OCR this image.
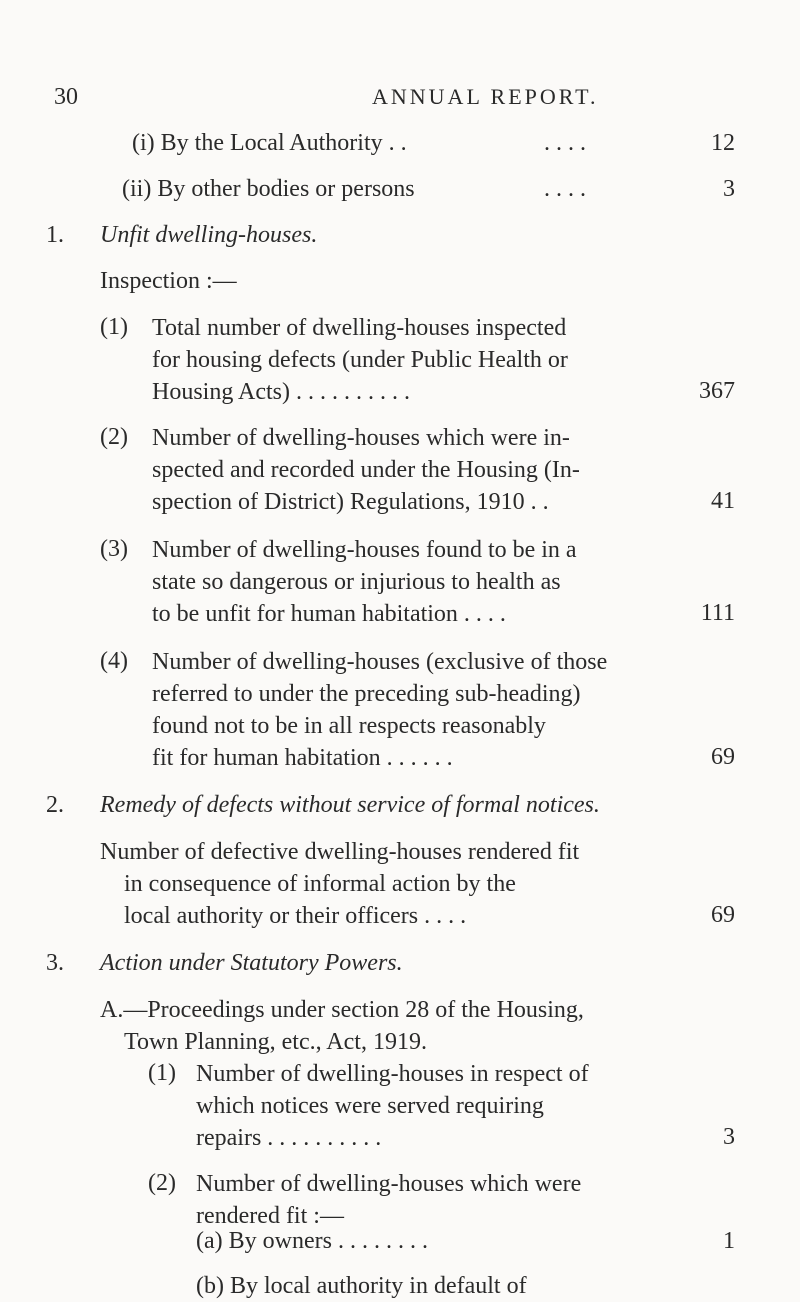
30	ANNUAL REPORT.
(i) By the Local Authority . .	. . . .	12
(ii) By other bodies or persons	. . . .	3
1. Unfit dwelling-houses.
Inspection :—
(1) Total number of dwelling-houses inspected
for housing defects (under Public Health or
Housing Acts) . . . . . . . . . .	367
(2) Number of dwelling-houses which were in-
spected and recorded under the Housing (In-
spection of District) Regulations, 1910 . .	41
(3) Number of dwelling-houses found to be in a
state so dangerous or injurious to health as
to be unfit for human habitation . . . .	111
(4) Number of dwelling-houses (exclusive of those
referred to under the preceding sub-heading)
found not to be in all respects reasonably
fit for human habitation . . . . . .	69
2. Remedy of defects without service of formal notices.
Number of defective dwelling-houses rendered fit
in consequence of informal action by the
local authority or their officers . . . .	69
3. Action under Statutory Powers.
A.—Proceedings under section 28 of the Housing,
Town Planning, etc., Act, 1919.
(1) Number of dwelling-houses in respect of
which notices were served requiring
repairs . . . . . . . . . .	3
(2) Number of dwelling-houses which were
rendered fit :—
(a) By owners . . . . . . . .	1
(b) By local authority in default of
